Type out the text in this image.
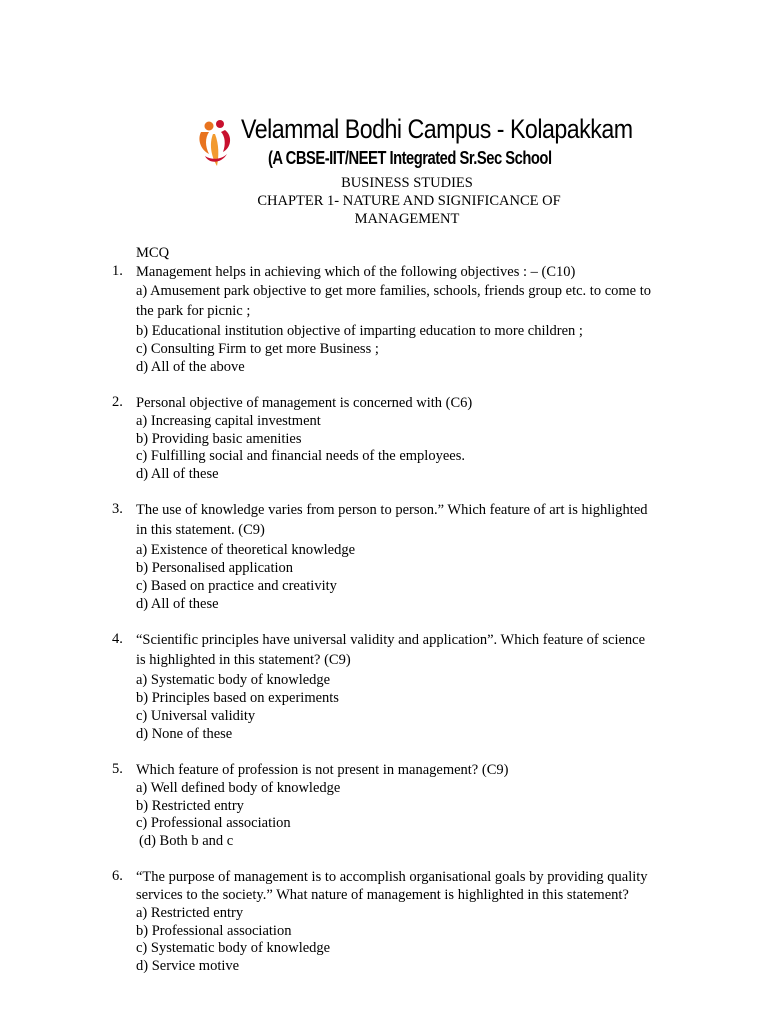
Velammal Bodhi Campus - Kolapakkam
(A CBSE-IIT/NEET Integrated Sr.Sec School
BUSINESS STUDIES
CHAPTER 1- NATURE AND SIGNIFICANCE OF
MANAGEMENT
MCQ
1. Management helps in achieving which of the following objectives : – (C10)
a) Amusement park objective to get more families, schools, friends group etc. to come to
the park for picnic ;
b) Educational institution objective of imparting education to more children ;
c) Consulting Firm to get more Business ;
d) All of the above
2. Personal objective of management is concerned with (C6)
a) Increasing capital investment
b) Providing basic amenities
c) Fulfilling social and financial needs of the employees.
d) All of these
3. The use of knowledge varies from person to person.” Which feature of art is highlighted
in this statement. (C9)
a) Existence of theoretical knowledge
b) Personalised application
c) Based on practice and creativity
d) All of these
4. “Scientific principles have universal validity and application”. Which feature of science
is highlighted in this statement? (C9)
a) Systematic body of knowledge
b) Principles based on experiments
c) Universal validity
d) None of these
5. Which feature of profession is not present in management? (C9)
a) Well defined body of knowledge
b) Restricted entry
c) Professional association
(d) Both b and c
6. “The purpose of management is to accomplish organisational goals by providing quality
services to the society.” What nature of management is highlighted in this statement?
a) Restricted entry
b) Professional association
c) Systematic body of knowledge
d) Service motive
